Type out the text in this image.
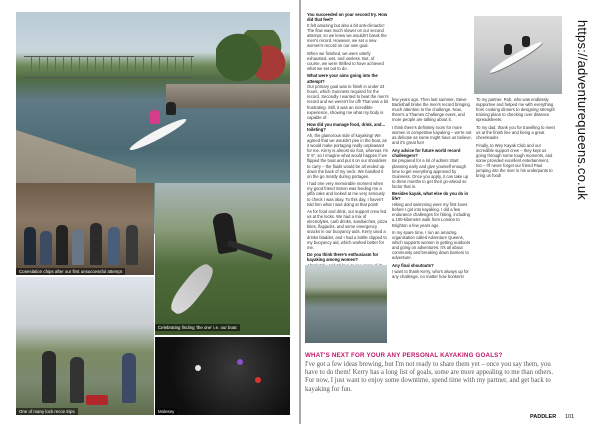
PADDLER
Coneslation chips after our first unsuccessful attempt
Celebrating finding 'the one' i.e. our boat
One of many lock recce trips	Molesey

You succeeded on your second try. How did that feel?

It felt amazing but also a bit anti-climactic! The flow was much slower on our second attempt, so we knew we wouldn't break the men's record. However, we set a new women's record on our own goal.

When we finished, we were utterly exhausted, wet, and useless. But, of course, we were thrilled to have achieved what we set out to do.

What were your aims going into the attempt?

Our primary goal was to finish in under 24 hours, which Guinness required for the record. Secondly I wanted to beat the men's record and we weren't far off! That was a bit frustrating. Still, it was an incredible experience, showing me what my body is capable of.

How did you manage food, drink, and... toileting?

Ah, the glamorous side of kayaking! We agreed that we wouldn't pee in the boat, as it would make portaging really unpleasant for me. Kerry is almost six foot, whereas I'm 5' 5", so I imagine what would happen if we flipped the boat and put it on our shoulders to carry – the fluids would be all ended up down the back of my neck. We handled it on the go mostly during portages.

I had one very memorable moment when my good friend Simon was feeding me a jaffa cake and looked at me very seriously to check I was okay. To this day, I haven't told him what I was doing at that point!

As for food and drink, our support crew fed us at the locks. We had a mix of electrolytes, carb drinks, sandwiches, pizza bites, flapjacks, and some emergency snacks in our buoyancy aids. Kerry used a drinks bladder, and I had a bottle clipped to my buoyancy aid, which worked better for me.

Do you think there's enthusiasm for kayaking among women?

few years ago. Then last summer, Steve Backshall broke the men's record bringing much attention to the challenge. Now, there's a Thames Challenge event, and more people are talking about it.

I think there's definitely room for more women in competitive kayaking – we're not as delicate as some might have us believe, and it's great fun!

Any advice for future world record challengers?

Be prepared for a lot of admin! Start planning early and give yourself enough time to get everything approved by Guinness. Once you apply, it can take up to three months to get their go-ahead so factor that in.

Besides kayak, what else do you do in life?

Hiking and swimming were my first loves before I got into kayaking. I did a few endurance challenges for hiking, including a 100-kilometre walk from London to Brighton a few years ago.

In my spare time, I run an amazing organisation called Adventure Queens, which supports women in getting outdoors and going on adventures. It's all about community and breaking down barriers to adventure.

Any final shoutouts?

I want to thank Kerry, who's always up for any challenge, no matter how bonkers!

To my partner, Rob, who was endlessly supportive and helped me with everything from cooking dinners to designing strength training plans to checking over distance spreadsheets.

To my dad, thank you for travelling to meet us at the finish line and being a great cheerleader.

Finally, to Wey Kayak Club and our incredible support crew – they kept us going through some tough moments, and some provided excellent entertainment, too – I'll never forget our friend Paul jumping into the river in his underpants to bring us food!	https://adventurequeens.co.uk
WHAT'S NEXT FOR YOUR ANY PERSONAL KAYAKING GOALS?
I've got a few ideas brewing, but I'm not ready to share them yet – once you say them, you have to do them! Kerry has a long list of goals, some are more appealing to me than others. For now, I just want to enjoy some downtime, spend time with my partner, and get back to kayaking for fun.
PADDLER 101
